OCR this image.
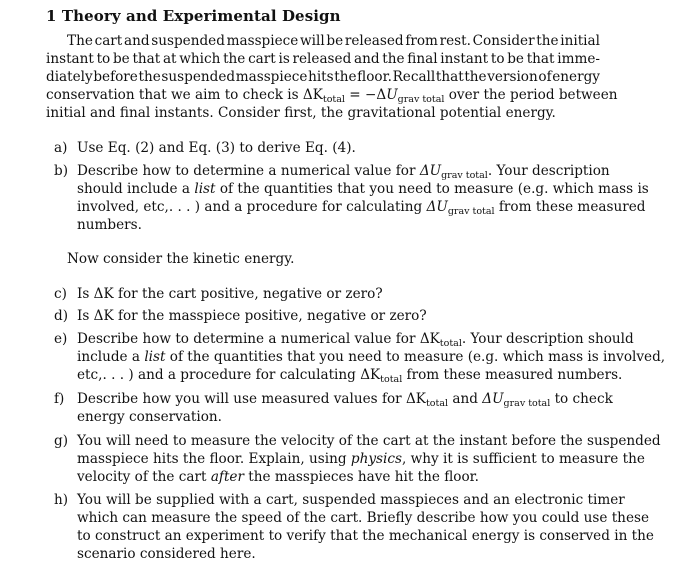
1 Theory and Experimental Design
The cart and suspended masspiece will be released from rest. Consider the initial
instant to be that at which the cart is released and the final instant to be that imme-
diately before the suspended masspiece hits the floor. Recall that the version of energy
conservation that we aim to check is $\Delta K_{total} = -\Delta U_{grav total}$ over the period between
initial and final instants. Consider first, the gravitational potential energy.
a) Use Eq. (2) and Eq. (3) to derive Eq. (4).
b) Describe how to determine a numerical value for $\Delta U_{grav total}$. Your description
should include a list of the quantities that you need to measure (e.g. which mass is
involved, etc,. . . ) and a procedure for calculating $\Delta U_{grav total}$ from these measured
numbers.
Now consider the kinetic energy.
c) Is ΔK for the cart positive, negative or zero?
d) Is ΔK for the masspiece positive, negative or zero?
e) Describe how to determine a numerical value for $\Delta K_{total}$. Your description should
include a list of the quantities that you need to measure (e.g. which mass is involved,
etc,. . . ) and a procedure for calculating $\Delta K_{total}$ from these measured numbers.
f) Describe how you will use measured values for $\Delta K_{total}$ and $\Delta U_{grav total}$ to check
energy conservation.
g) You will need to measure the velocity of the cart at the instant before the suspended
masspiece hits the floor. Explain, using physics, why it is sufficient to measure the
velocity of the cart after the masspieces have hit the floor.
h) You will be supplied with a cart, suspended masspieces and an electronic timer
which can measure the speed of the cart. Briefly describe how you could use these
to construct an experiment to verify that the mechanical energy is conserved in the
scenario considered here.
